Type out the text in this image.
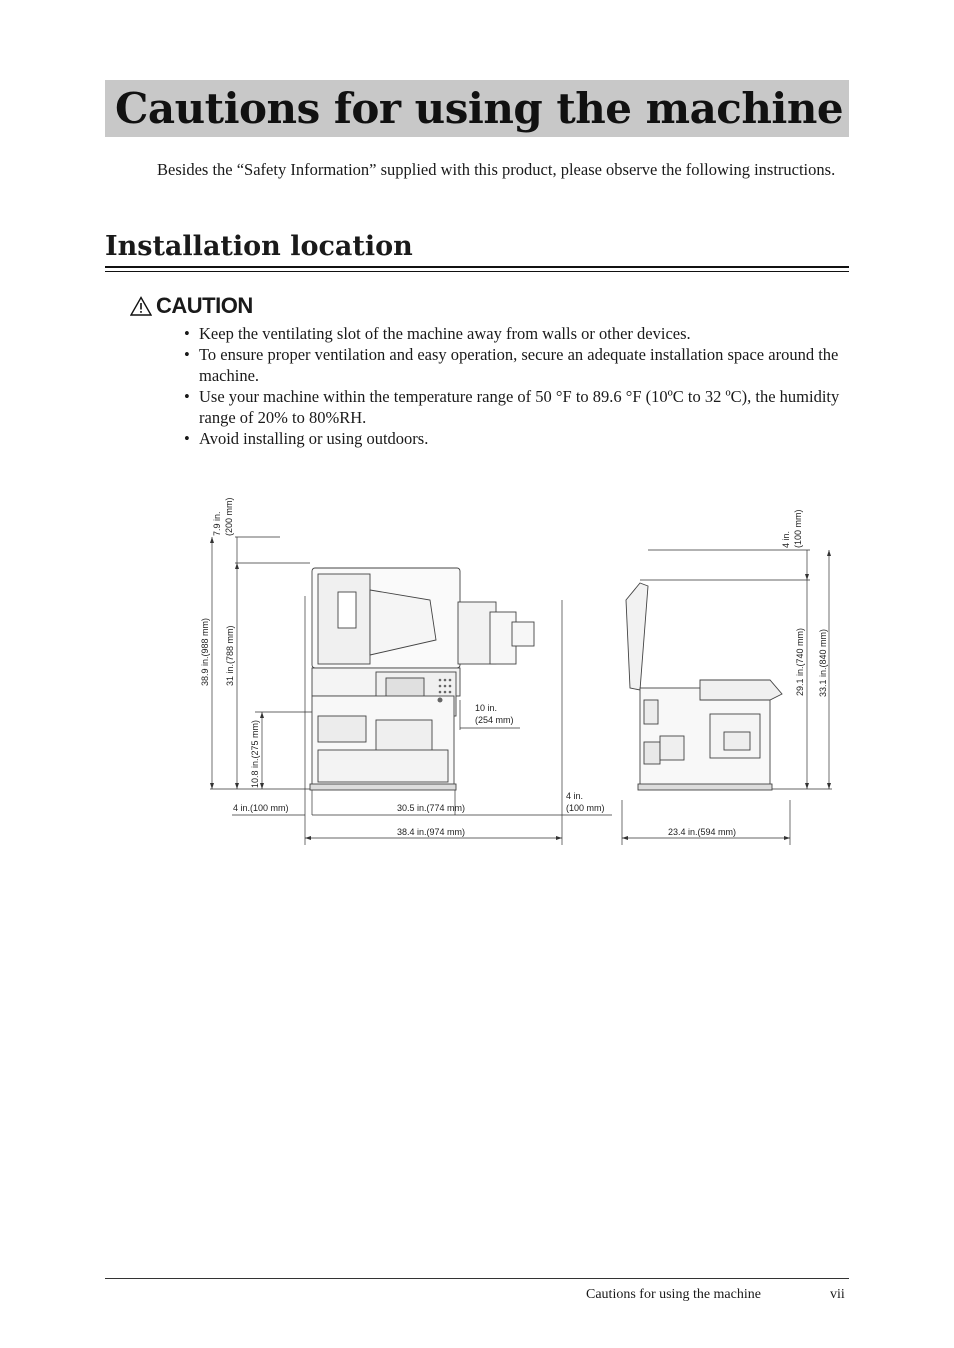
Cautions for using the machine

Besides the “Safety Information” supplied with this product, please observe the following instructions.

Installation location
CAUTION
• Keep the ventilating slot of the machine away from walls or other devices.
• To ensure proper ventilation and easy operation, secure an adequate installation space around the machine.
• Use your machine within the temperature range of 50 °F to 89.6 °F (10ºC to 32 ºC), the humidity range of 20% to 80%RH.
• Avoid installing or using outdoors.
7.9 in. (200 mm)
38.9 in.(988 mm) 31 in.(788 mm)
10.8 in.(275 mm)
4 in.(100 mm)	30.5 in.(774 mm)
4 in.
(100 mm)
10 in.
(254 mm)
38.4 in.(974 mm)
4 in. (100 mm)
29.1 in.(740 mm) 33.1 in.(840 mm)
23.4 in.(594 mm)
Cautions for using the machine	vii
